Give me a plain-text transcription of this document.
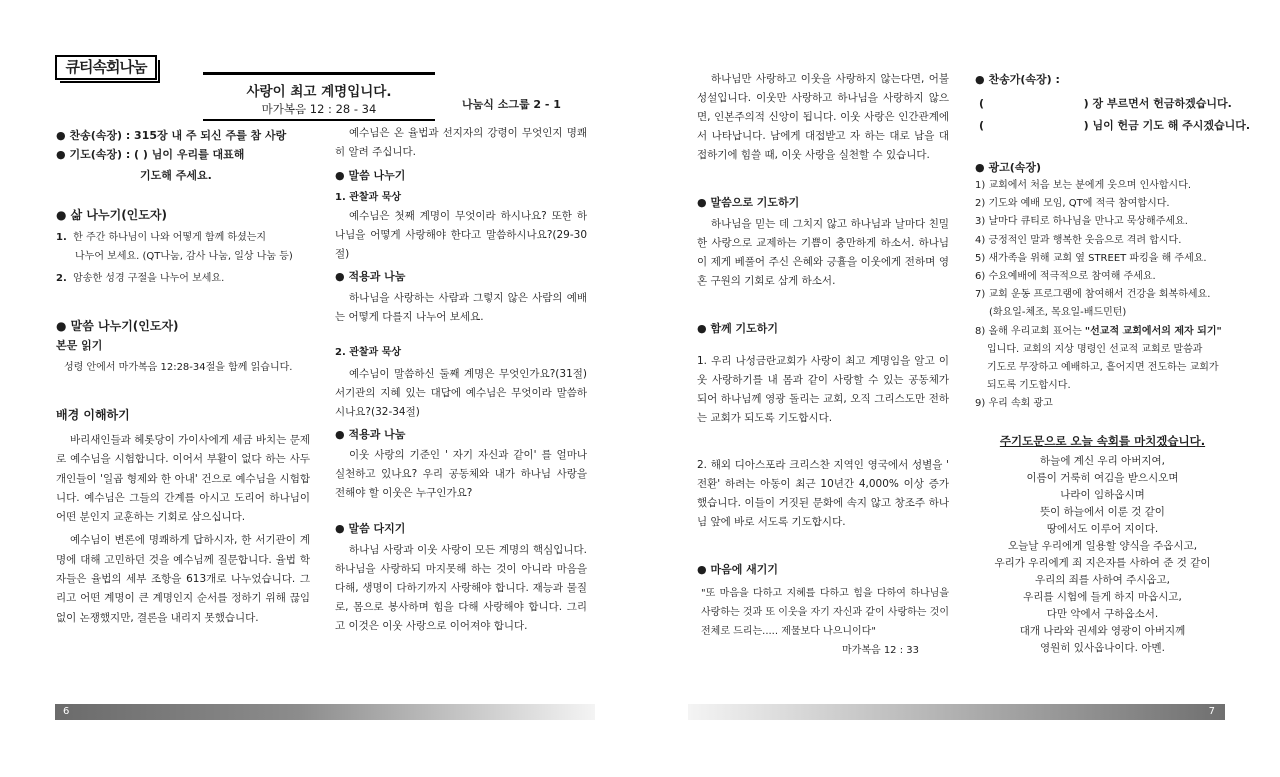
큐티속회나눔
사랑이 최고 계명입니다.
마가복음 12 : 28 - 34	나눔식 소그룹 2 - 1

● 찬송(속장) : 315장 내 주 되신 주를 참 사랑

● 기도(속장) : ( ) 님이 우리를 대표해

기도해 주세요.

● 삶 나누기(인도자)

1. 한 주간 하나님이 나와 어떻게 함께 하셨는지

나누어 보세요. (QT나눔, 감사 나눔, 일상 나눔 등)

2. 암송한 성경 구절을 나누어 보세요.

● 말씀 나누기(인도자)

본문 읽기

성령 안에서 마가복음 12:28-34절을 함께 읽습니다.

배경 이해하기

바리새인들과 헤롯당이 가이사에게 세금 바치는 문제로 예수님을 시험합니다. 이어서 부활이 없다 하는 사두개인들이 '일곱 형제와 한 아내' 건으로 예수님을 시험합니다. 예수님은 그들의 간계를 아시고 도리어 하나님이 어떤 분인지 교훈하는 기회로 삼으십니다.

예수님이 변론에 명쾌하게 답하시자, 한 서기관이 계명에 대해 고민하던 것을 예수님께 질문합니다. 율법 학자들은 율법의 세부 조항을 613개로 나누었습니다. 그리고 어떤 계명이 큰 계명인지 순서를 정하기 위해 끊임없이 논쟁했지만, 결론을 내리지 못했습니다.

예수님은 온 율법과 선지자의 강령이 무엇인지 명쾌히 알려 주십니다.

● 말씀 나누기

1. 관찰과 묵상

예수님은 첫째 계명이 무엇이라 하시나요? 또한 하나님을 어떻게 사랑해야 한다고 말씀하시나요?(29-30절)

● 적용과 나눔

하나님을 사랑하는 사람과 그렇지 않은 사람의 예배는 어떻게 다를지 나누어 보세요.

2. 관찰과 묵상

예수님이 말씀하신 둘째 계명은 무엇인가요?(31절) 서기관의 지혜 있는 대답에 예수님은 무엇이라 말씀하시나요?(32-34절)

● 적용과 나눔

이웃 사랑의 기준인 ' 자기 자신과 같이' 를 얼마나 실천하고 있나요? 우리 공동체와 내가 하나님 사랑을 전해야 할 이웃은 누구인가요?

● 말씀 다지기

하나님 사랑과 이웃 사랑이 모든 계명의 핵심입니다. 하나님을 사랑하되 마지못해 하는 것이 아니라 마음을 다해, 생명이 다하기까지 사랑해야 합니다. 재능과 물질로, 몸으로 봉사하며 힘을 다해 사랑해야 합니다. 그리고 이것은 이웃 사랑으로 이어져야 합니다.

하나님만 사랑하고 이웃을 사랑하지 않는다면, 어불성설입니다. 이웃만 사랑하고 하나님을 사랑하지 않으면, 인본주의적 신앙이 됩니다. 이웃 사랑은 인간관계에서 나타납니다. 남에게 대접받고 자 하는 대로 남을 대접하기에 힘쓸 때, 이웃 사랑을 실천할 수 있습니다.

● 말씀으로 기도하기

하나님을 믿는 데 그치지 않고 하나님과 날마다 친밀한 사랑으로 교제하는 기쁨이 충만하게 하소서. 하나님이 제게 베풀어 주신 은혜와 긍휼을 이웃에게 전하며 영혼 구원의 기회로 삼게 하소서.

● 함께 기도하기

1. 우리 나성금란교회가 사랑이 최고 계명임을 알고 이웃 사랑하기를 내 몸과 같이 사랑할 수 있는 공동체가 되어 하나님께 영광 돌리는 교회, 오직 그리스도만 전하는 교회가 되도록 기도합시다.

2. 해외 디아스포라 크리스찬 지역인 영국에서 성별을 ' 전환' 하려는 아동이 최근 10년간 4,000% 이상 증가했습니다. 이들이 거짓된 문화에 속지 않고 창조주 하나님 앞에 바로 서도록 기도합시다.

● 마음에 새기기

"또 마음을 다하고 지혜를 다하고 힘을 다하여 하나님을 사랑하는 것과 또 이웃을 자기 자신과 같이 사랑하는 것이 전체로 드리는..... 제물보다 나으니이다"

마가복음 12 : 33

● 찬송가(속장) :

(                          ) 장 부르면서 헌금하겠습니다.

(                          ) 님이 헌금 기도 해 주시겠습니다.

● 광고(속장)

1) 교회에서 처음 보는 분에게 웃으며 인사합시다.

2) 기도와 예배 모임, QT에 적극 참여합시다.

3) 날마다 큐티로 하나님을 만나고 묵상해주세요.

4) 긍정적인 말과 행복한 웃음으로 격려 합시다.

5) 새가족을 위해 교회 옆 STREET 파킹을 해 주세요.

6) 수요예배에 적극적으로 참여해 주세요.

7) 교회 운동 프로그램에 참여해서 건강을 회복하세요.

(화요일-체조, 목요일-배드민턴)

8) 올해 우리교회 표어는 "선교적 교회에서의 제자 되기"

입니다. 교회의 지상 명령인 선교적 교회로 말씀과

기도로 무장하고 예배하고, 흩어지면 전도하는 교회가

되도록 기도합시다.

9) 우리 속회 광고

주기도문으로 오늘 속회를 마치겠습니다.

하늘에 계신 우리 아버지여,

이름이 거룩히 여김을 받으시오며

나라이 임하옵시며

뜻이 하늘에서 이룬 것 같이

땅에서도 이루어 지이다.

오늘날 우리에게 일용할 양식을 주옵시고,

우리가 우리에게 죄 지은자를 사하여 준 것 같이

우리의 죄를 사하여 주시옵고,

우리를 시험에 들게 하지 마옵시고,

다만 악에서 구하옵소서.

대개 나라와 권세와 영광이 아버지께

영원히 있사옵나이다. 아멘.

6	7
